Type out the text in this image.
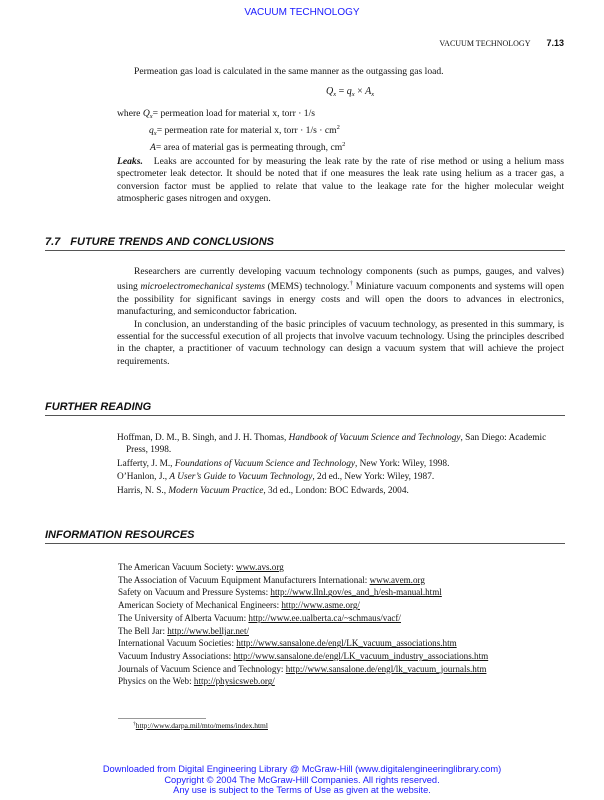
VACUUM TECHNOLOGY
VACUUM TECHNOLOGY 7.13
Permeation gas load is calculated in the same manner as the outgassing gas load.
$Q_x = q_x \times A_x$
where $Q_x=$ permeation load for material x, torr · 1/s
$q_x=$ permeation rate for material x, torr · $1/s \cdot cm^2$
A= area of material gas is permeating through, $cm^2$
Leaks. Leaks are accounted for by measuring the leak rate by the rate of rise method or using a helium mass spectrometer leak detector. It should be noted that if one measures the leak rate using helium as a tracer gas, a conversion factor must be applied to relate that value to the leakage rate for the higher molecular weight atmospheric gases nitrogen and oxygen.
7.7 FUTURE TRENDS AND CONCLUSIONS
Researchers are currently developing vacuum technology components (such as pumps, gauges, and valves) using microelectromechanical systems (MEMS) technology.† Miniature vacuum components and systems will open the possibility for significant savings in energy costs and will open the doors to advances in electronics, manufacturing, and semiconductor fabrication.
In conclusion, an understanding of the basic principles of vacuum technology, as presented in this summary, is essential for the successful execution of all projects that involve vacuum technology. Using the principles described in the chapter, a practitioner of vacuum technology can design a vacuum system that will achieve the project requirements.
FURTHER READING
Hoffman, D. M., B. Singh, and J. H. Thomas, Handbook of Vacuum Science and Technology, San Diego: Academic Press, 1998.
Lafferty, J. M., Foundations of Vacuum Science and Technology, New York: Wiley, 1998.
O’Hanlon, J., A User’s Guide to Vacuum Technology, 2d ed., New York: Wiley, 1987.
Harris, N. S., Modern Vacuum Practice, 3d ed., London: BOC Edwards, 2004.
INFORMATION RESOURCES
The American Vacuum Society: www.avs.org
The Association of Vacuum Equipment Manufacturers International: www.avem.org
Safety on Vacuum and Pressure Systems: http://www.llnl.gov/es_and_h/esh-manual.html
American Society of Mechanical Engineers: http://www.asme.org/
The University of Alberta Vacuum: http://www.ee.ualberta.ca/~schmaus/vacf/
The Bell Jar: http://www.belljar.net/
International Vacuum Societies: http://www.sansalone.de/engl/LK_vacuum_associations.htm
Vacuum Industry Associations: http://www.sansalone.de/engl/LK_vacuum_industry_associations.htm
Journals of Vacuum Science and Technology: http://www.sansalone.de/engl/lk_vacuum_journals.htm
Physics on the Web: http://physicsweb.org/
†http://www.darpa.mil/mto/mems/index.html
Downloaded from Digital Engineering Library @ McGraw-Hill (www.digitalengineeringlibrary.com)
Copyright © 2004 The McGraw-Hill Companies. All rights reserved.
Any use is subject to the Terms of Use as given at the website.
